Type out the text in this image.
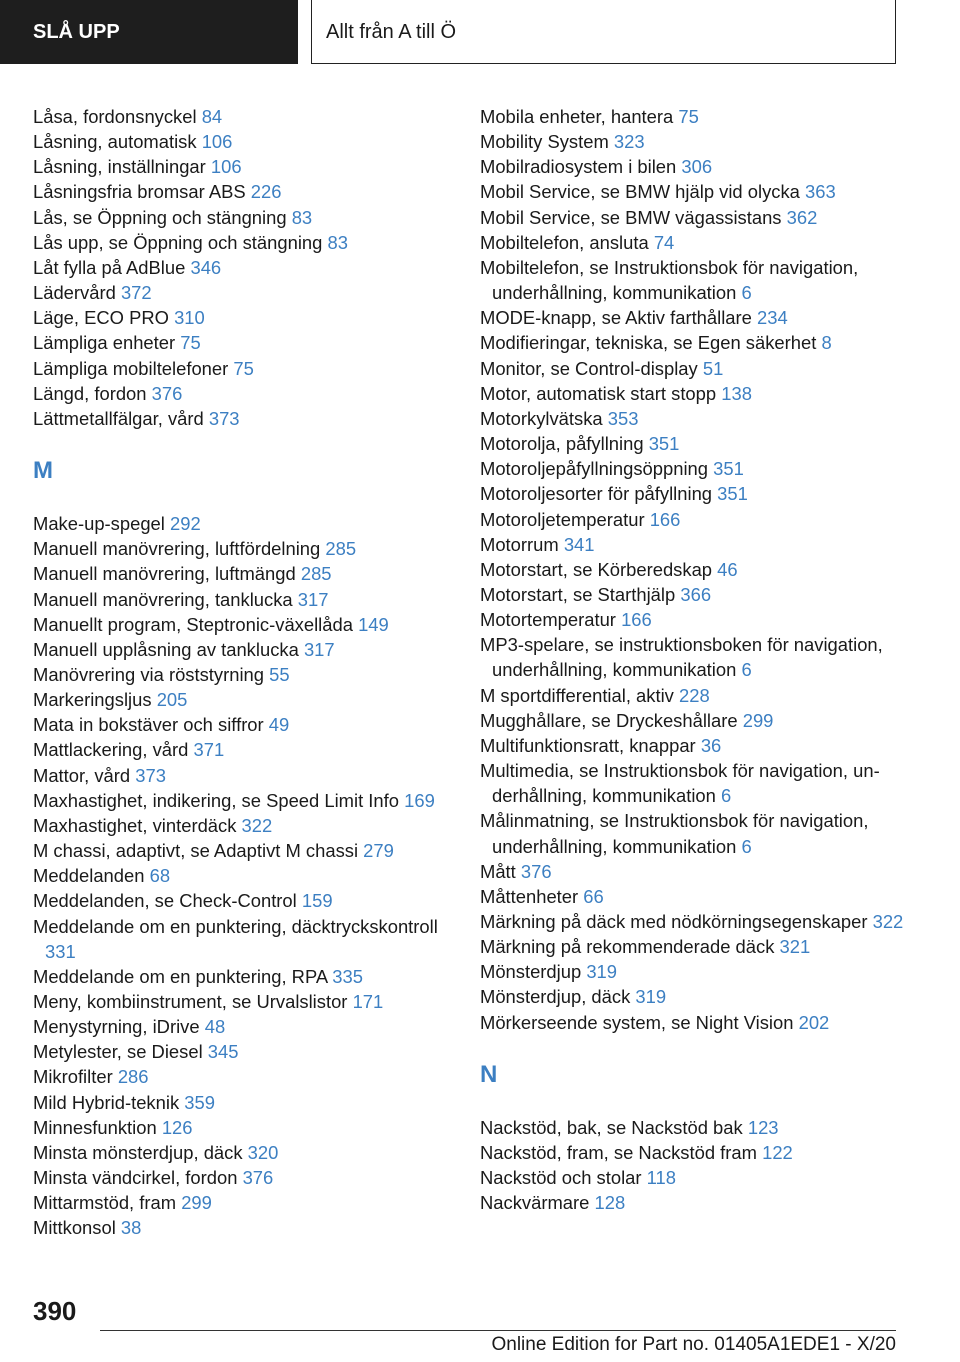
SLÅ UPP	Allt från A till Ö
Låsa, fordonsnyckel 84
Låsning, automatisk 106
Låsning, inställningar 106
Låsningsfria bromsar ABS 226
Lås, se Öppning och stängning 83
Lås upp, se Öppning och stängning 83
Låt fylla på AdBlue 346
Lädervård 372
Läge, ECO PRO 310
Lämpliga enheter 75
Lämpliga mobiltelefoner 75
Längd, fordon 376
Lättmetallfälgar, vård 373
M
Make-up-spegel 292
Manuell manövrering, luftfördelning 285
Manuell manövrering, luftmängd 285
Manuell manövrering, tanklucka 317
Manuellt program, Steptronic-växellåda 149
Manuell upplåsning av tanklucka 317
Manövrering via röststyrning 55
Markeringsljus 205
Mata in bokstäver och siffror 49
Mattlackering, vård 371
Mattor, vård 373
Maxhastighet, indikering, se Speed Limit Info 169
Maxhastighet, vinterdäck 322
M chassi, adaptivt, se Adaptivt M chassi 279
Meddelanden 68
Meddelanden, se Check-Control 159
Meddelande om en punktering, däcktryckskontroll 331
Meddelande om en punktering, RPA 335
Meny, kombiinstrument, se Urvalslistor 171
Menystyrning, iDrive 48
Metylester, se Diesel 345
Mikrofilter 286
Mild Hybrid-teknik 359
Minnesfunktion 126
Minsta mönsterdjup, däck 320
Minsta vändcirkel, fordon 376
Mittarmstöd, fram 299
Mittkonsol 38
Mobila enheter, hantera 75
Mobility System 323
Mobilradiosystem i bilen 306
Mobil Service, se BMW hjälp vid olycka 363
Mobil Service, se BMW vägassistans 362
Mobiltelefon, ansluta 74
Mobiltelefon, se Instruktionsbok för navigation, underhållning, kommunikation 6
MODE-knapp, se Aktiv farthållare 234
Modifieringar, tekniska, se Egen säkerhet 8
Monitor, se Control-display 51
Motor, automatisk start stopp 138
Motorkylvätska 353
Motorolja, påfyllning 351
Motoroljepåfyllningsöppning 351
Motoroljesorter för påfyllning 351
Motoroljetemperatur 166
Motorrum 341
Motorstart, se Körberedskap 46
Motorstart, se Starthjälp 366
Motortemperatur 166
MP3-spelare, se instruktionsboken för navigation, underhållning, kommunikation 6
M sportdifferential, aktiv 228
Mugghållare, se Dryckeshållare 299
Multifunktionsratt, knappar 36
Multimedia, se Instruktionsbok för navigation, underhållning, kommunikation 6
Målinmatning, se Instruktionsbok för navigation, underhållning, kommunikation 6
Mått 376
Måttenheter 66
Märkning på däck med nödkörningsegenskaper 322
Märkning på rekommenderade däck 321
Mönsterdjup 319
Mönsterdjup, däck 319
Mörkerseende system, se Night Vision 202
N
Nackstöd, bak, se Nackstöd bak 123
Nackstöd, fram, se Nackstöd fram 122
Nackstöd och stolar 118
Nackvärmare 128
390
Online Edition for Part no. 01405A1EDE1 - X/20
